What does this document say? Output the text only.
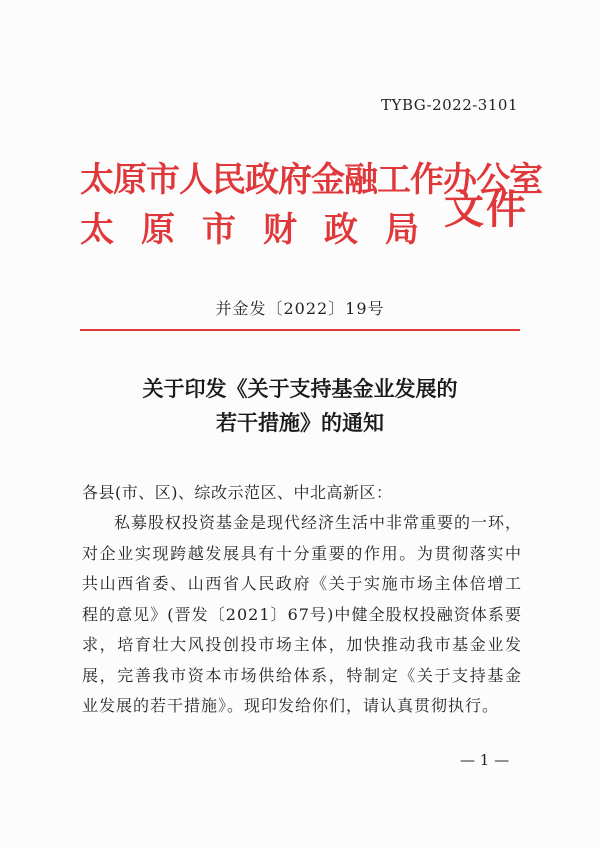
TYBG-2022-3101
太原市人民政府金融工作办公室
太原市财政局
文件
并金发〔2022〕19号
关于印发《关于支持基金业发展的
若干措施》的通知
各县(市、区)、综改示范区、中北高新区：
私募股权投资基金是现代经济生活中非常重要的一环，对企业实现跨越发展具有十分重要的作用。为贯彻落实中共山西省委、山西省人民政府《关于实施市场主体倍增工程的意见》(晋发〔2021〕67号)中健全股权投融资体系要求，培育壮大风投创投市场主体，加快推动我市基金业发展，完善我市资本市场供给体系，特制定《关于支持基金业发展的若干措施》。现印发给你们，请认真贯彻执行。
— 1 —
